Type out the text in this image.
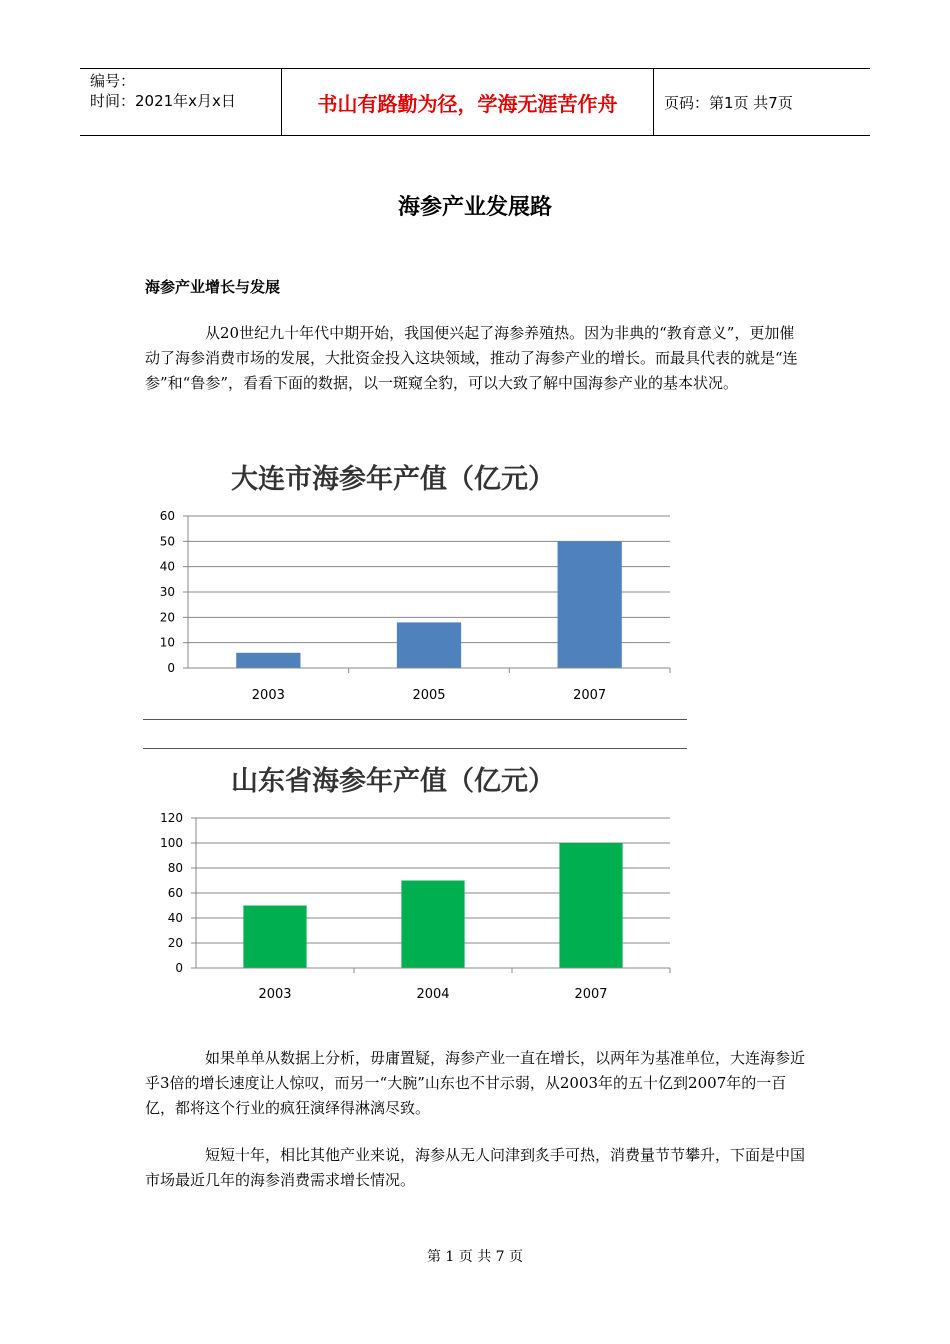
编号：
时间：2021年x月x日	书山有路勤为径，学海无涯苦作舟	页码：第1页 共7页
海参产业发展路
海参产业增长与发展

从20世纪九十年代中期开始，我国便兴起了海参养殖热。因为非典的“教育意义”，更加催动了海参消费市场的发展，大批资金投入这块领域，推动了海参产业的增长。而最具代表的就是“连参”和“鲁参”，看看下面的数据，以一斑窥全豹，可以大致了解中国海参产业的基本状况。

大连市海参年产值（亿元）
0
10
20
30
40
50
60
2003	2005	2007
山东省海参年产值（亿元）
0
20
40
60
80
100
120
2003	2004	2007

如果单单从数据上分析，毋庸置疑，海参产业一直在增长，以两年为基准单位，大连海参近乎3倍的增长速度让人惊叹，而另一“大腕”山东也不甘示弱，从2003年的五十亿到2007年的一百亿，都将这个行业的疯狂演绎得淋漓尽致。

短短十年，相比其他产业来说，海参从无人问津到炙手可热，消费量节节攀升，下面是中国市场最近几年的海参消费需求增长情况。

第 1 页 共 7 页
